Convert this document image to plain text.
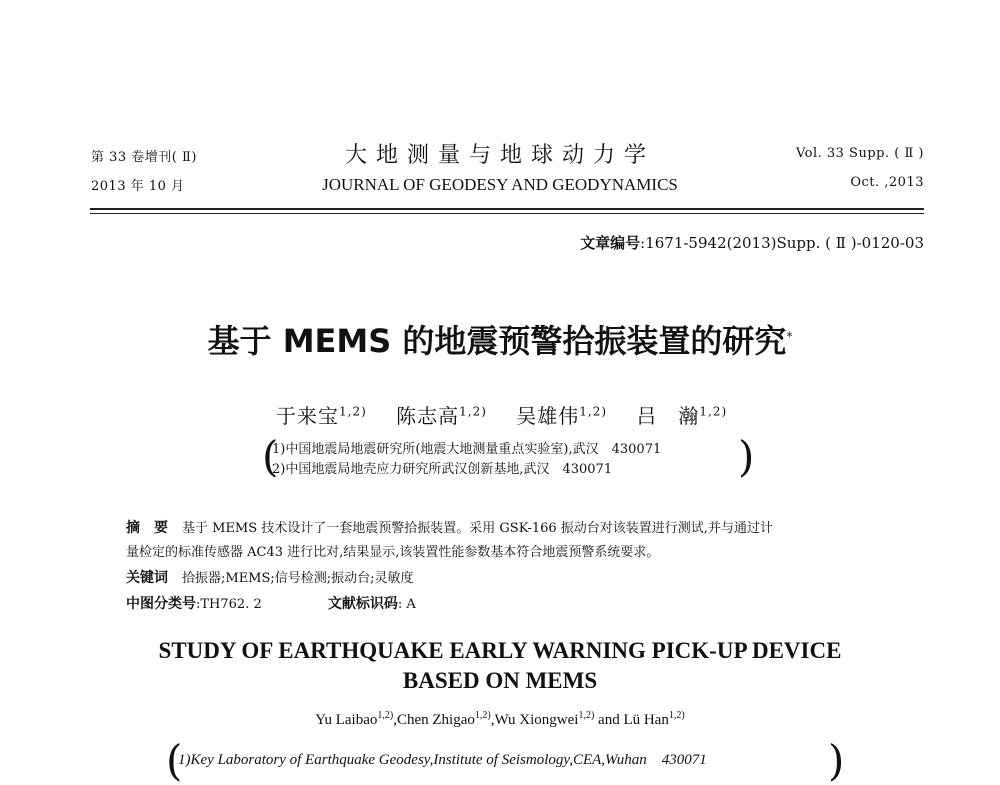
第 33 卷增刊( Ⅱ)
2013 年 10 月
大地测量与地球动力学
JOURNAL OF GEODESY AND GEODYNAMICS
Vol. 33 Supp. ( Ⅱ )
Oct. ,2013
文章编号:1671-5942(2013)Supp. ( Ⅱ )-0120-03
基于 MEMS 的地震预警拾振装置的研究*
于来宝$^{1,2)}$ 陈志高$^{1,2)}$ 吴雄伟$^{1,2)}$ 吕　瀚$^{1,2)}$
(
1)中国地震局地震研究所(地震大地测量重点实验室),武汉　430071
2)中国地震局地壳应力研究所武汉创新基地,武汉　430071	)
摘　要 基于 MEMS 技术设计了一套地震预警拾振装置。采用 GSK-166 振动台对该装置进行测试,并与通过计
量检定的标准传感器 AC43 进行比对,结果显示,该装置性能参数基本符合地震预警系统要求。
关键词 拾振器;MEMS;信号检测;振动台;灵敏度
中图分类号:TH762. 2	文献标识码: A
STUDY OF EARTHQUAKE EARLY WARNING PICK-UP DEVICE
BASED ON MEMS
Yu Laibao$^{1,2)}$,Chen Zhigao$^{1,2)}$,Wu Xiongwei$^{1,2)}$ and Lü Han$^{1,2)}$
(
1)Key Laboratory of Earthquake Geodesy,Institute of Seismology,CEA,Wuhan　430071	)
